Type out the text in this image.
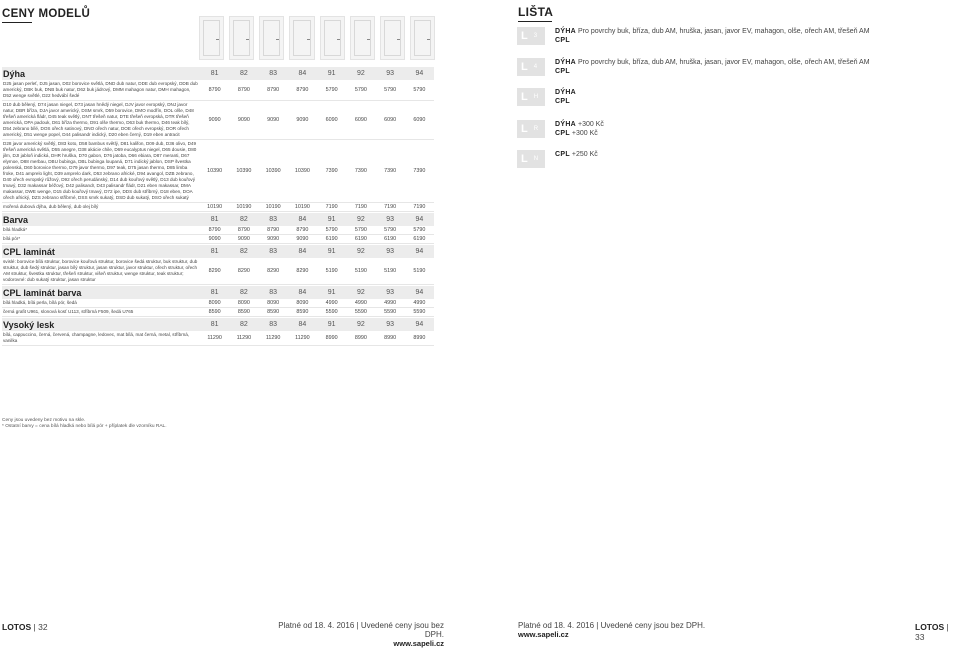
CENY MODELŮ
Dýha	81	82	83	84	91	92	93	94
D25 jasan perleť, DJ5 jasan, D02 borovice světlá, DND dub natur, DDE dub evropský, DDB dub americký, DBK buk, DNB buk natur, D62 buk jádrový, DMM mahagon natur, DMH mahagon, D52 wenge světlé, D22 hedvábí šedé
8790	8790	8790	8790	5790	5790	5790	5790
D10 dub bělený, D74 jasan niegel, D73 jasan hnědý niegel, DJV javor evropský, DNJ javor natur, DBR bříza, DJA javor americký, DSM smrk, D59 borovice, DMO modřín, DOL olše, D48 třešeň americká fládr, D45 teak světlý, DNT třešeň natur, DTE třešeň evropská, DTR třešeň americká, DPA padouk, D61 bříza thermo, D91 olše thermo, D63 buk thermo, D46 teak bílý, D54 zebrano bílé, DOS ořech satinový, DNO ořech natur, DOE ořech evropský, DOR ořech americký, D51 wenge popel, D44 palisandr indický, D20 eben černý, D19 eben antracit
9090	9090	9090	9090	6090	6090	6090	6090
D28 javor americký světlý, D83 koto, D58 bambus světlý, D81 kalifon, D09 dub, D36 olivo, D49 třešeň americká světlá, D55 anegre, D38 akácie chile, D69 eucalyptus niegel, D65 dousie, D80 jilm, DJI jabloň indická, DHR hruška, D70 gabon, D76 jatoba, D66 ebiara, D87 meranti, D67 elymoe, D88 merbau, DBU bubinga, DBL bubinga loupaná, D71 indický jablon, DSP švestka polenská, D60 borovice thermo, D79 javor thermo, D97 teak, D75 jasan thermo, D85 limba froke, D41 amprelo light, D39 amprelo dark, D53 zebrano africké, D94 avangol, DZB zebrano, D40 ořech evropský růžový, D92 ořech perudánský, D14 dub kouřový světlý, D13 dub kouřový tmavý, D32 makassar béžový, D42 palisandr, D43 palisandr fládr, D21 eben makassar, DMA makassar, DWE wenge, D15 dub kouřový tmavý, D72 ipe, DDS dub stříbrný, D18 eben, DOA ořech africký, DZS zebrano stříbrné, DSS smrk sukatý, DSD dub sukatý, DSO ořech sukatý
10390	10390	10390	10390	7390	7390	7390	7390
mořená dubová dýha, dub bělený, dub olej bílý	10190	10190	10190	10190	7190	7190	7190	7190
Barva	81	82	83	84	91	92	93	94
bílá hladká*	8790	8790	8790	8790	5790	5790	5790	5790
bílá pór*	9090	9090	9090	9090	6190	6190	6190	6190
CPL laminát	81	82	83	84	91	92	93	94
svislé: borovice bílá struktur, borovice kouřová struktur, borovice šedá struktur, buk struktur, dub struktur, dub šedý struktur, jasan bílý struktur, jasan struktur, javor struktur, ořech struktur, ořech AM struktur, švestka struktur, třešeň struktur, višeň struktur, wenge struktur, teak struktur; vodorovné: dub sukatý struktur, jasan struktur
8290	8290	8290	8290	5190	5190	5190	5190
CPL laminát barva	81	82	83	84	91	92	93	94
bílá hladká, bílá perla, bílá pór, šedá	8090	8090	8090	8090	4990	4990	4990	4990
černá grafit U961, slonová kosť U113, stříbrná F509, šedá U765	8590	8590	8590	8590	5590	5590	5590	5590
Vysoký lesk	81	82	83	84	91	92	93	94
bílá, cappuccino, černá, červená, champagne, ledovec, mat bílá, mat černá, metal, stříbrná, vanilka	11290	11290	11290	11290	8990	8990	8990	8990
Ceny jsou uvedeny bez motivu na skle.
* Ostatní barvy = cena bílá hladká nebo bílá pór + příplatek dle vzorníku RAL.
LOTOS | 32	Platné od 18. 4. 2016 | Uvedené ceny jsou bez DPH.
www.sapeli.cz
LIŠTA
L 3
DÝHA Pro povrchy buk, bříza, dub AM, hruška, jasan, javor EV, mahagon, olše, ořech AM, třešeň AM
CPL
L 4
DÝHA Pro povrchy buk, bříza, dub AM, hruška, jasan, javor EV, mahagon, olše, ořech AM, třešeň AM
CPL
L H
DÝHA
CPL
L R
DÝHA +300 Kč
CPL +300 Kč
L N
CPL +250 Kč
Platné od 18. 4. 2016 | Uvedené ceny jsou bez DPH.
www.sapeli.cz
LOTOS | 33
